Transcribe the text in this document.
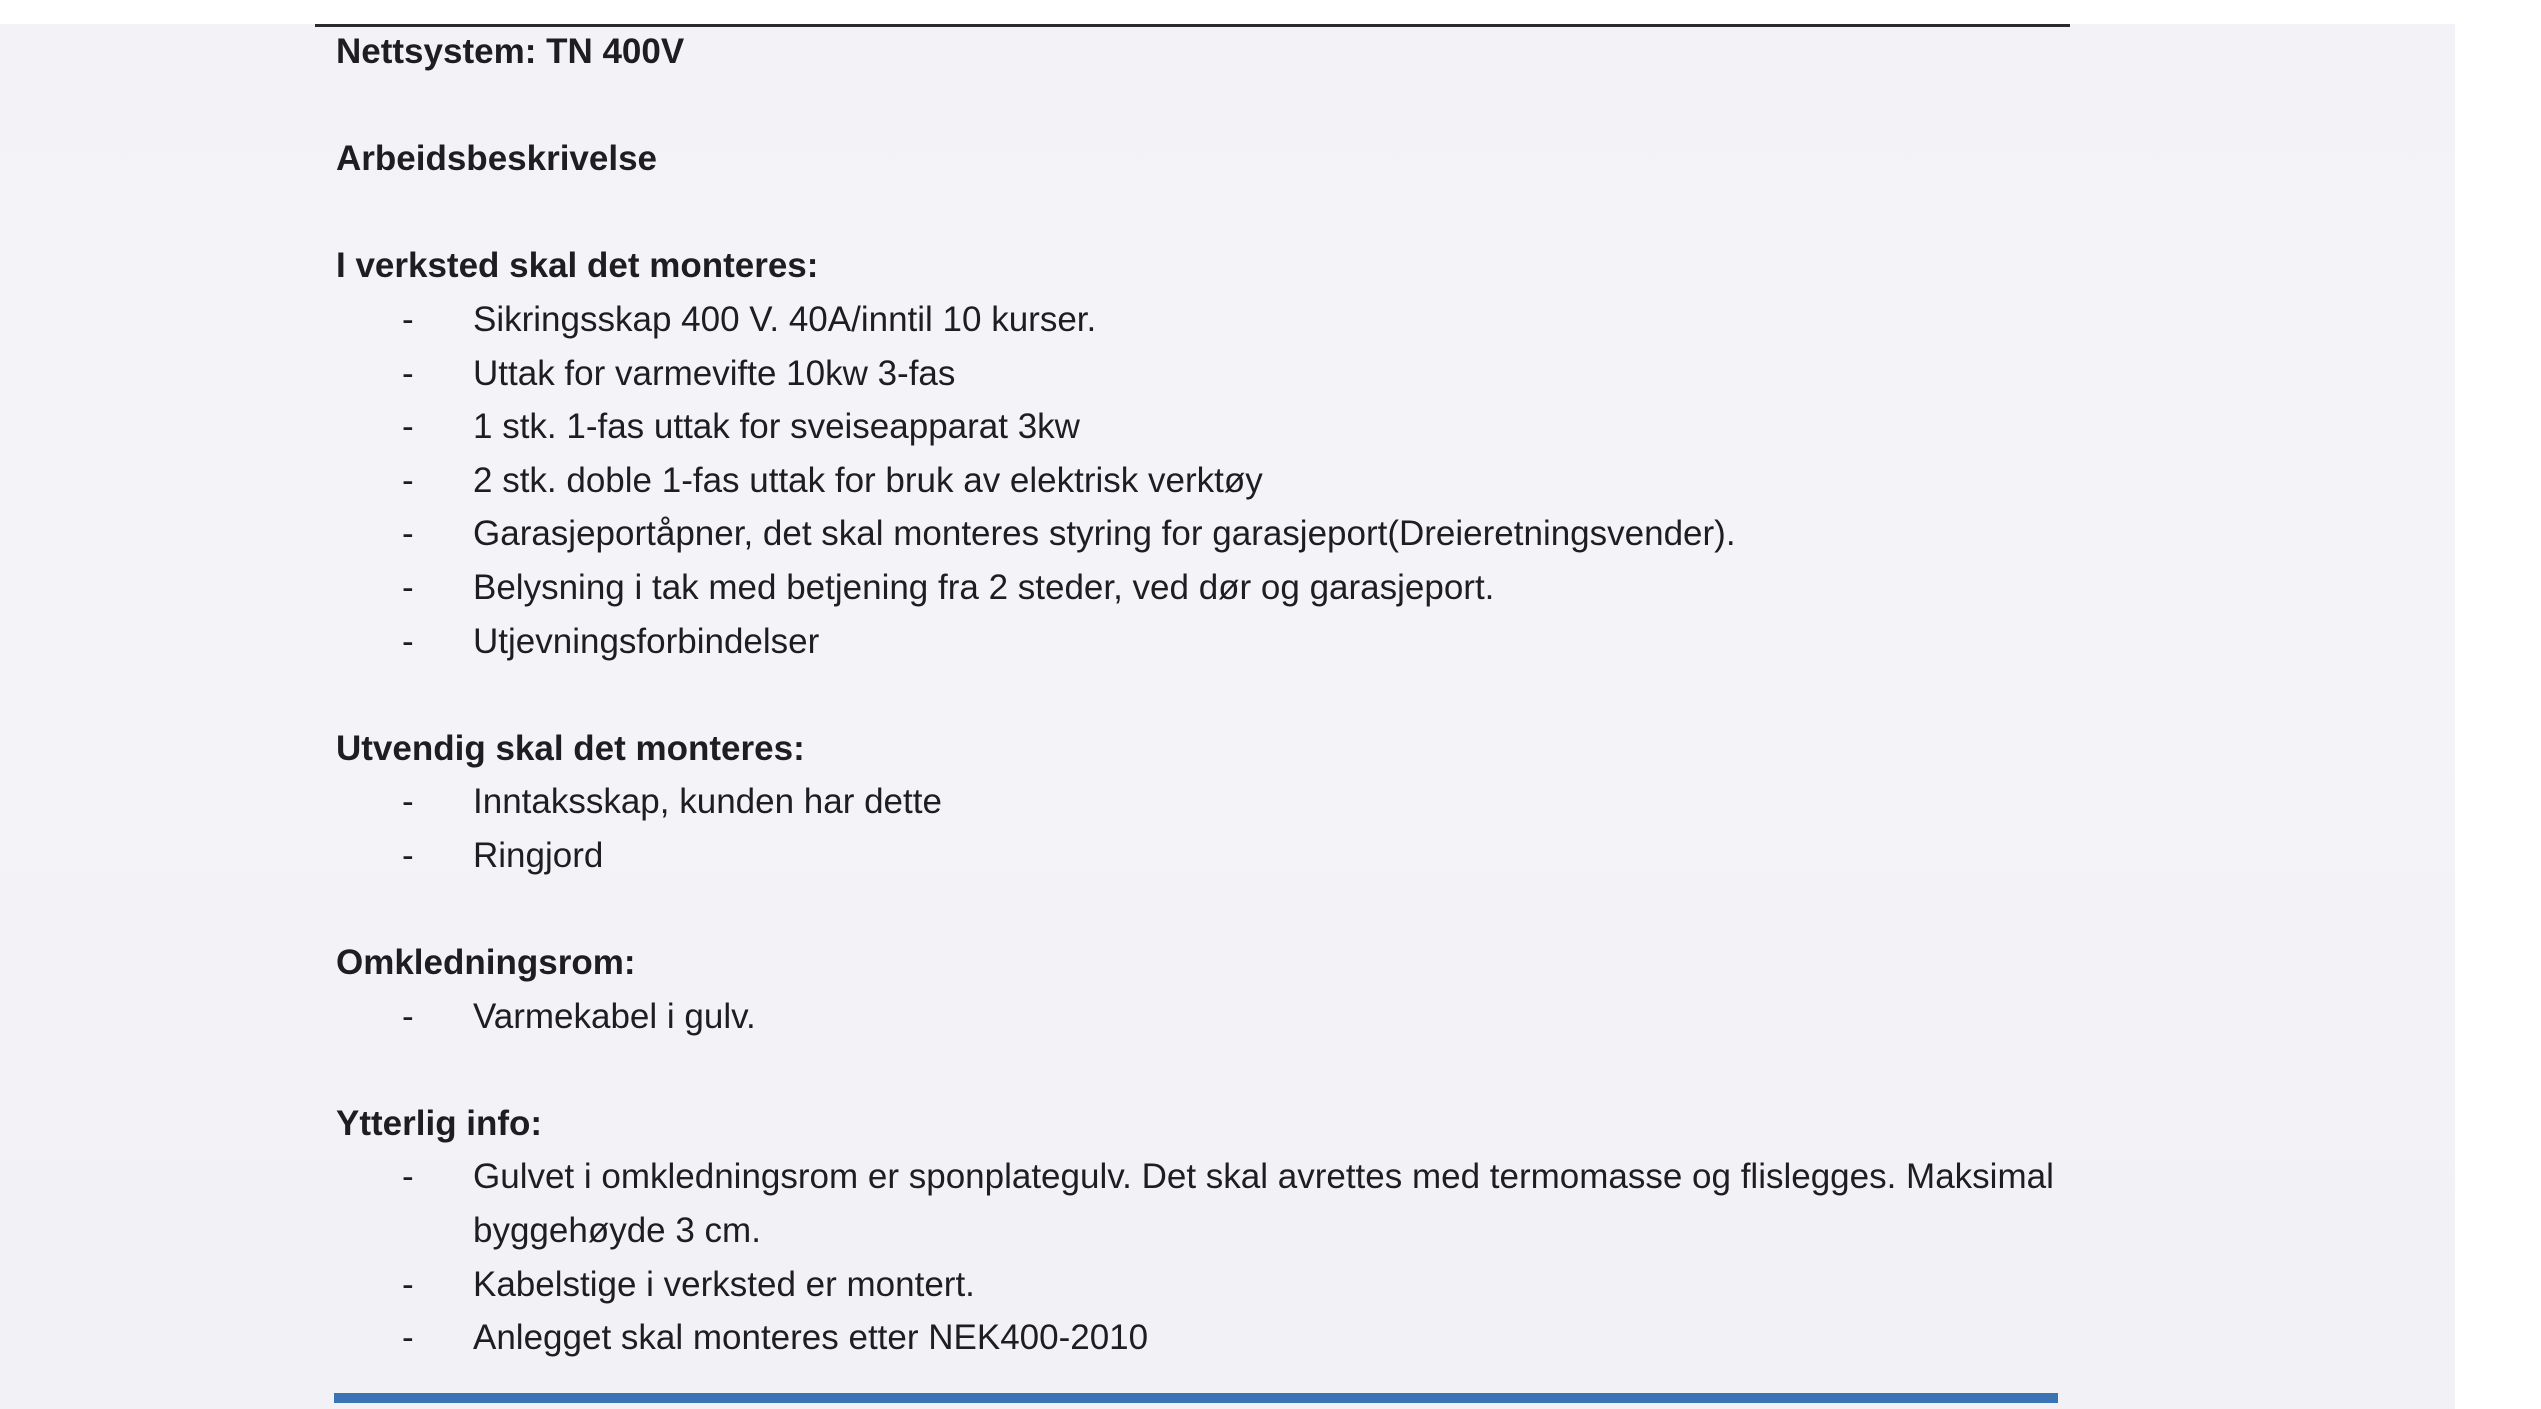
Nettsystem: TN 400V

Arbeidsbeskrivelse

I verksted skal det monteres:

- Sikringsskap 400 V. 40A/inntil 10 kurser.
- Uttak for varmevifte 10kw 3-fas
- 1 stk. 1-fas uttak for sveiseapparat 3kw
- 2 stk. doble 1-fas uttak for bruk av elektrisk verktøy
- Garasjeportåpner, det skal monteres styring for garasjeport(Dreieretningsvender).
- Belysning i tak med betjening fra 2 steder, ved dør og garasjeport.
- Utjevningsforbindelser

Utvendig skal det monteres:

- Inntaksskap, kunden har dette
- Ringjord

Omkledningsrom:

- Varmekabel i gulv.

Ytterlig info:

- Gulvet i omkledningsrom er sponplategulv. Det skal avrettes med termomasse og flislegges. Maksimal byggehøyde 3 cm.
- Kabelstige i verksted er montert.
- Anlegget skal monteres etter NEK400-2010
